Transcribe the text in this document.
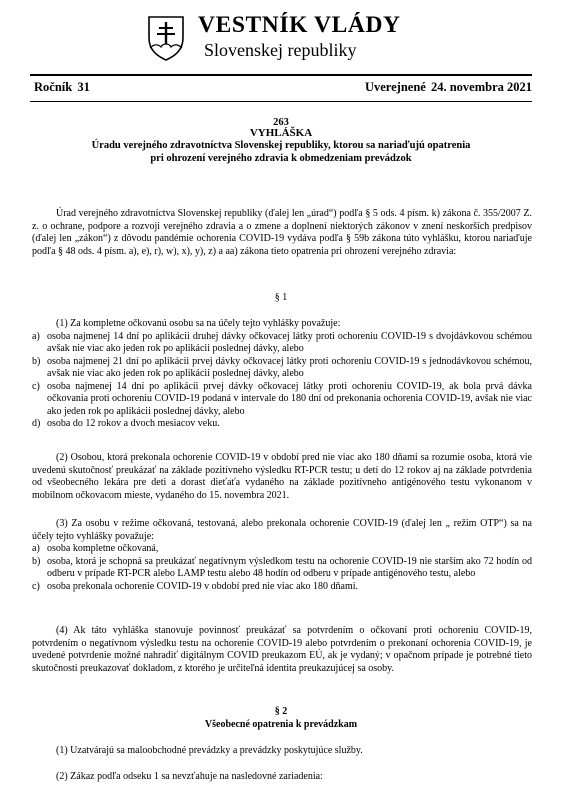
VESTNÍK VLÁDY
Slovenskej republiky
Ročník 31	Uverejnené 24. novembra 2021
263
VYHLÁŠKA
Úradu verejného zdravotníctva Slovenskej republiky, ktorou sa nariaďujú opatrenia
pri ohrození verejného zdravia k obmedzeniam prevádzok

Úrad verejného zdravotníctva Slovenskej republiky (ďalej len „úrad“) podľa § 5 ods. 4 písm. k) zákona č. 355/2007 Z. z. o ochrane, podpore a rozvoji verejného zdravia a o zmene a doplnení niektorých zákonov v znení neskorších predpisov (ďalej len „zákon“) z dôvodu pandémie ochorenia COVID-19 vydáva podľa § 59b zákona túto vyhlášku, ktorou nariaďuje podľa § 48 ods. 4 písm. a), e), r), w), x), y), z) a aa) zákona tieto opatrenia pri ohrození verejného zdravia:

§ 1

(1) Za kompletne očkovanú osobu sa na účely tejto vyhlášky považuje:

a) osoba najmenej 14 dní po aplikácii druhej dávky očkovacej látky proti ochoreniu COVID-19 s dvojdávkovou schémou avšak nie viac ako jeden rok po aplikácii poslednej dávky, alebo
b) osoba najmenej 21 dní po aplikácii prvej dávky očkovacej látky proti ochoreniu COVID-19 s jednodávkovou schémou, avšak nie viac ako jeden rok po aplikácii poslednej dávky, alebo
c) osoba najmenej 14 dní po aplikácii prvej dávky očkovacej látky proti ochoreniu COVID-19, ak bola prvá dávka očkovania proti ochoreniu COVID-19 podaná v intervale do 180 dní od prekonania ochorenia COVID-19, avšak nie viac ako jeden rok po aplikácii poslednej dávky, alebo
d) osoba do 12 rokov a dvoch mesiacov veku.

(2) Osobou, ktorá prekonala ochorenie COVID-19 v období pred nie viac ako 180 dňami sa rozumie osoba, ktorá vie uvedenú skutočnosť preukázať na základe pozitívneho výsledku RT-PCR testu; u detí do 12 rokov aj na základe potvrdenia od všeobecného lekára pre deti a dorast dieťaťa vydaného na základe pozitívneho antigénového testu vykonanom v mobilnom očkovacom mieste, vydaného do 15. novembra 2021.

(3) Za osobu v režime očkovaná, testovaná, alebo prekonala ochorenie COVID-19 (ďalej len „ režim OTP“) sa na účely tejto vyhlášky považuje:

a) osoba kompletne očkovaná,
b) osoba, ktorá je schopná sa preukázať negatívnym výsledkom testu na ochorenie COVID-19 nie starším ako 72 hodín od odberu v prípade RT-PCR alebo LAMP testu alebo 48 hodín od odberu v prípade antigénového testu, alebo
c) osoba prekonala ochorenie COVID-19 v období pred nie viac ako 180 dňami.

(4) Ak táto vyhláška stanovuje povinnosť preukázať sa potvrdením o očkovaní proti ochoreniu COVID-19, potvrdením o negatívnom výsledku testu na ochorenie COVID-19 alebo potvrdením o prekonaní ochorenia COVID-19, je uvedené potvrdenie možné nahradiť digitálnym COVID preukazom EÚ, ak je vydaný; v opačnom prípade je potrebné tieto skutočnosti preukazovať dokladom, z ktorého je určiteľná identita preukazujúcej sa osoby.

§ 2
Všeobecné opatrenia k prevádzkam

(1) Uzatvárajú sa maloobchodné prevádzky a prevádzky poskytujúce služby.

(2) Zákaz podľa odseku 1 sa nevzťahuje na nasledovné zariadenia:
